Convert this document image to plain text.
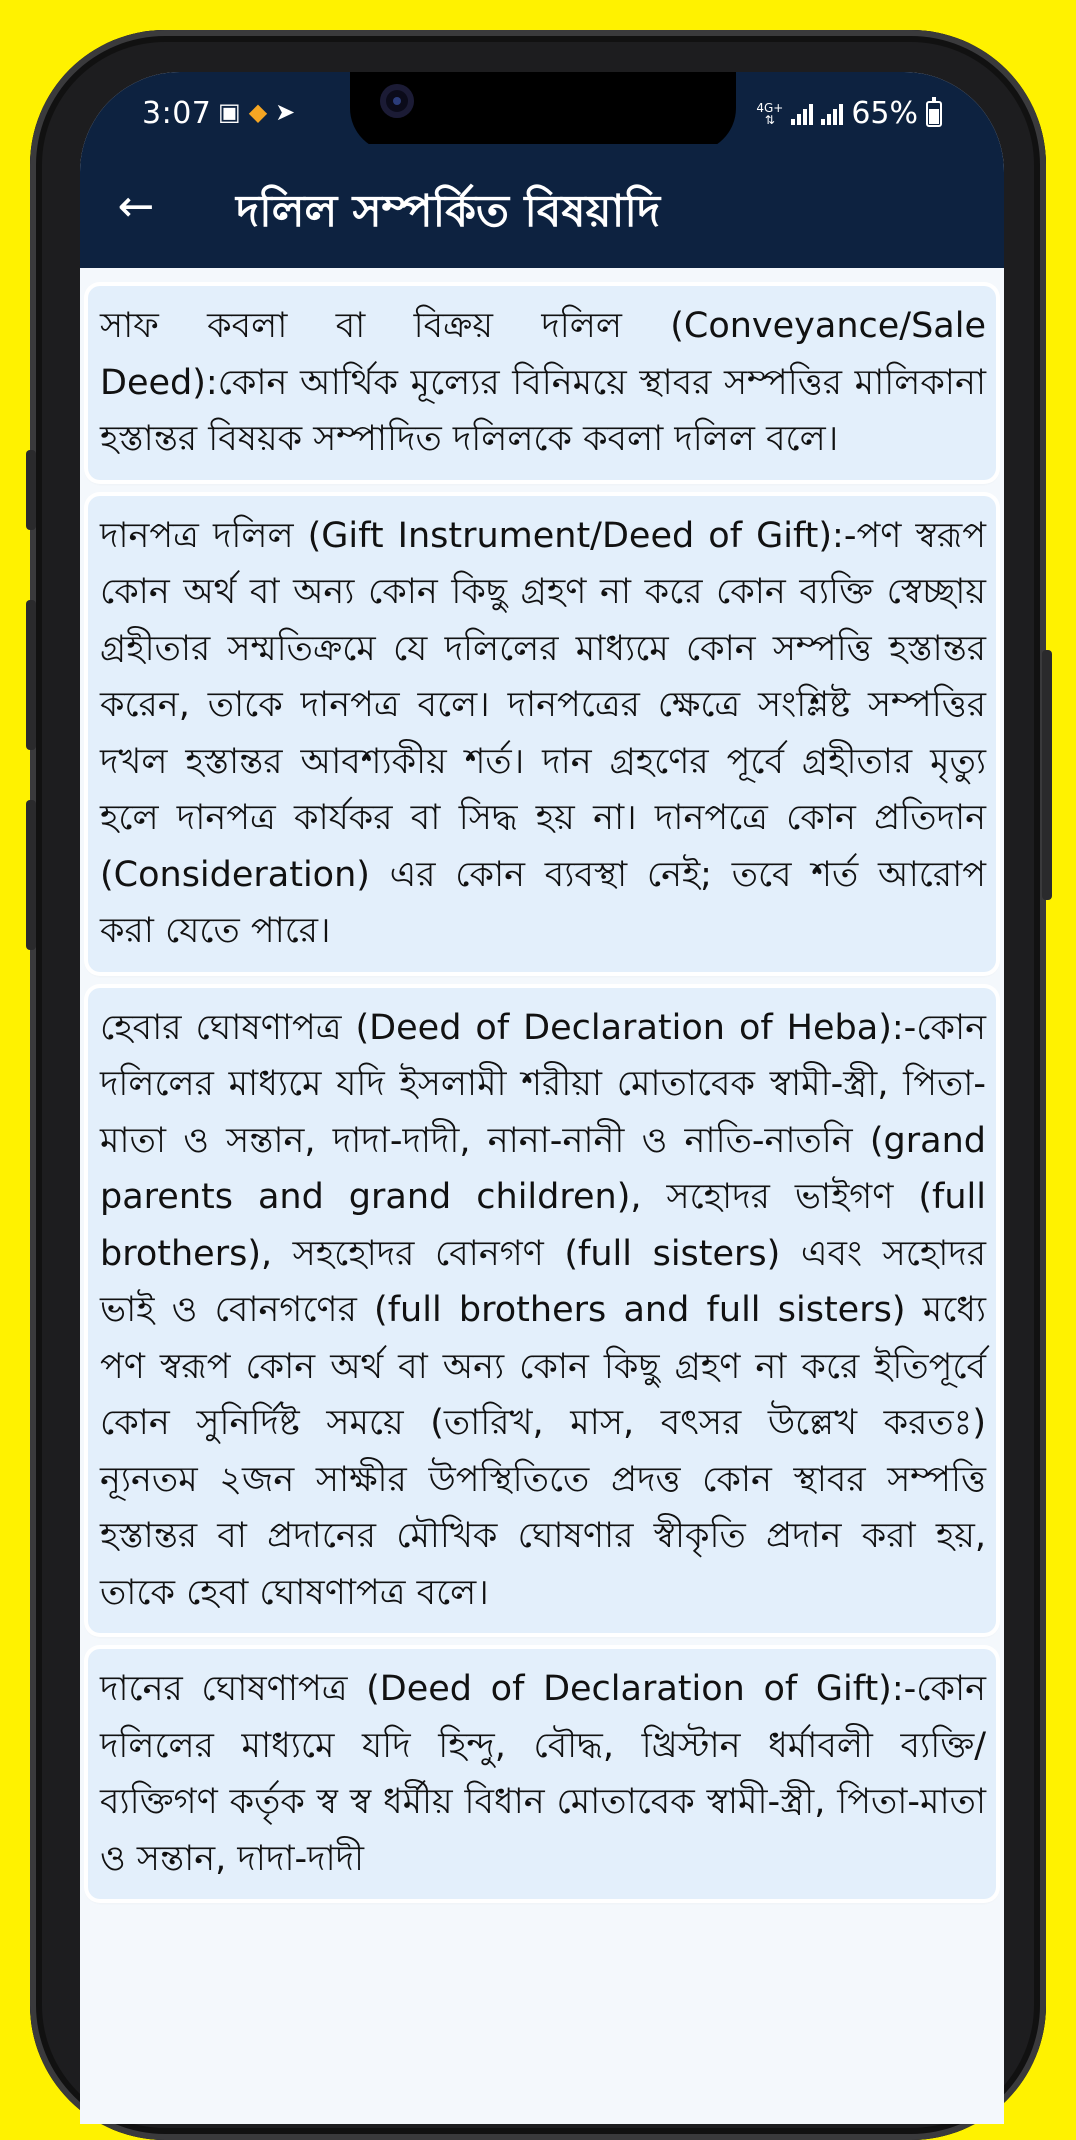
3:07 ▣ ◆ ➤	4G+
⇅	65%
← দলিল সম্পর্কিত বিষয়াদি
সাফ কবলা বা বিক্রয় দলিল (Conveyance/Sale Deed):কোন আর্থিক মূল্যের বিনিময়ে স্থাবর সম্পত্তির মালিকানা হস্তান্তর বিষয়ক সম্পাদিত দলিলকে কবলা দলিল বলে।
দানপত্র দলিল (Gift Instrument/Deed of Gift):-পণ স্বরূপ কোন অর্থ বা অন্য কোন কিছু গ্রহণ না করে কোন ব্যক্তি স্বেচ্ছায় গ্রহীতার সম্মতিক্রমে যে দলিলের মাধ্যমে কোন সম্পত্তি হস্তান্তর করেন, তাকে দানপত্র বলে। দানপত্রের ক্ষেত্রে সংশ্লিষ্ট সম্পত্তির দখল হস্তান্তর আবশ্যকীয় শর্ত। দান গ্রহণের পূর্বে গ্রহীতার মৃত্যু হলে দানপত্র কার্যকর বা সিদ্ধ হয় না। দানপত্রে কোন প্রতিদান (Consideration) এর কোন ব্যবস্থা নেই; তবে শর্ত আরোপ করা যেতে পারে।
হেবার ঘোষণাপত্র (Deed of Declaration of Heba):-কোন দলিলের মাধ্যমে যদি ইসলামী শরীয়া মোতাবেক স্বামী-স্ত্রী, পিতা-মাতা ও সন্তান, দাদা-দাদী, নানা-নানী ও নাতি-নাতনি (grand parents and grand children), সহোদর ভাইগণ (full brothers), সহহোদর বোনগণ (full sisters) এবং সহোদর ভাই ও বোনগণের (full brothers and full sisters) মধ্যে পণ স্বরূপ কোন অর্থ বা অন্য কোন কিছু গ্রহণ না করে ইতিপূর্বে কোন সুনির্দিষ্ট সময়ে (তারিখ, মাস, বৎসর উল্লেখ করতঃ) ন্যূনতম ২জন সাক্ষীর উপস্থিতিতে প্রদত্ত কোন স্থাবর সম্পত্তি হস্তান্তর বা প্রদানের মৌখিক ঘোষণার স্বীকৃতি প্রদান করা হয়, তাকে হেবা ঘোষণাপত্র বলে।
দানের ঘোষণাপত্র (Deed of Declaration of Gift):-কোন দলিলের মাধ্যমে যদি হিন্দু, বৌদ্ধ, খ্রিস্টান ধর্মাবলী ব্যক্তি/ব্যক্তিগণ কর্তৃক স্ব স্ব ধর্মীয় বিধান মোতাবেক স্বামী-স্ত্রী, পিতা-মাতা ও সন্তান, দাদা-দাদী
